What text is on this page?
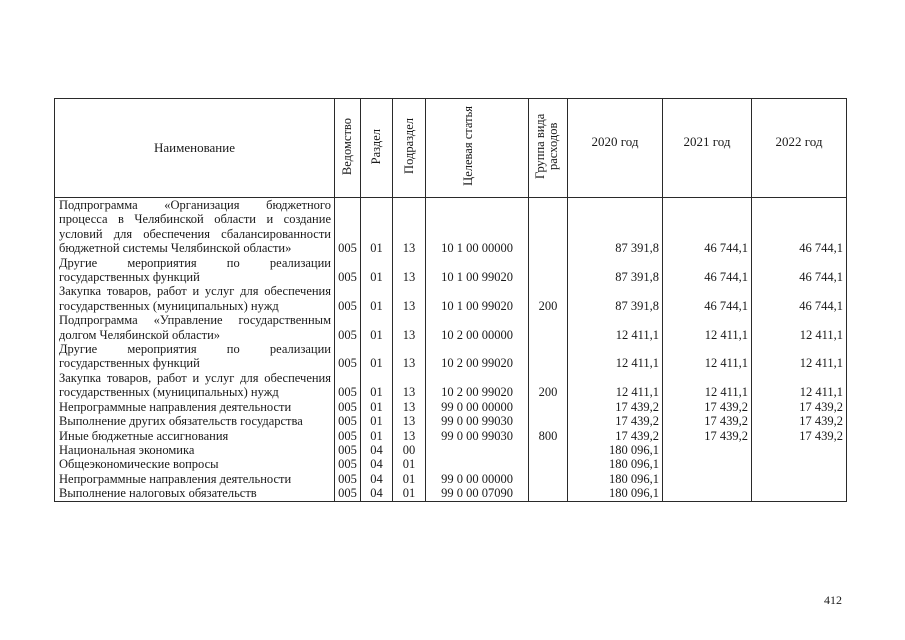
Наименование	Ведомство	Раздел	Подраздел	Целевая статья	Группа вида расходов	2020 год	2021 год	2022 год
Подпрограмма «Организация бюджетного процесса в Челябинской области и создание условий для обеспечения сбалансированности бюджетной системы Челябинской области»	005	01	13	10 1 00 00000		87 391,8	46 744,1	46 744,1
Другие мероприятия по реализации государственных функций	005	01	13	10 1 00 99020		87 391,8	46 744,1	46 744,1
Закупка товаров, работ и услуг для обеспечения государственных (муниципальных) нужд	005	01	13	10 1 00 99020	200	87 391,8	46 744,1	46 744,1
Подпрограмма «Управление государственным долгом Челябинской области»	005	01	13	10 2 00 00000		12 411,1	12 411,1	12 411,1
Другие мероприятия по реализации государственных функций	005	01	13	10 2 00 99020		12 411,1	12 411,1	12 411,1
Закупка товаров, работ и услуг для обеспечения государственных (муниципальных) нужд	005	01	13	10 2 00 99020	200	12 411,1	12 411,1	12 411,1
Непрограммные направления деятельности	005	01	13	99 0 00 00000		17 439,2	17 439,2	17 439,2
Выполнение других обязательств государства	005	01	13	99 0 00 99030		17 439,2	17 439,2	17 439,2
Иные бюджетные ассигнования	005	01	13	99 0 00 99030	800	17 439,2	17 439,2	17 439,2
Национальная экономика	005	04	00			180 096,1		
Общеэкономические вопросы	005	04	01			180 096,1		
Непрограммные направления деятельности	005	04	01	99 0 00 00000		180 096,1		
Выполнение налоговых обязательств	005	04	01	99 0 00 07090		180 096,1		
412
